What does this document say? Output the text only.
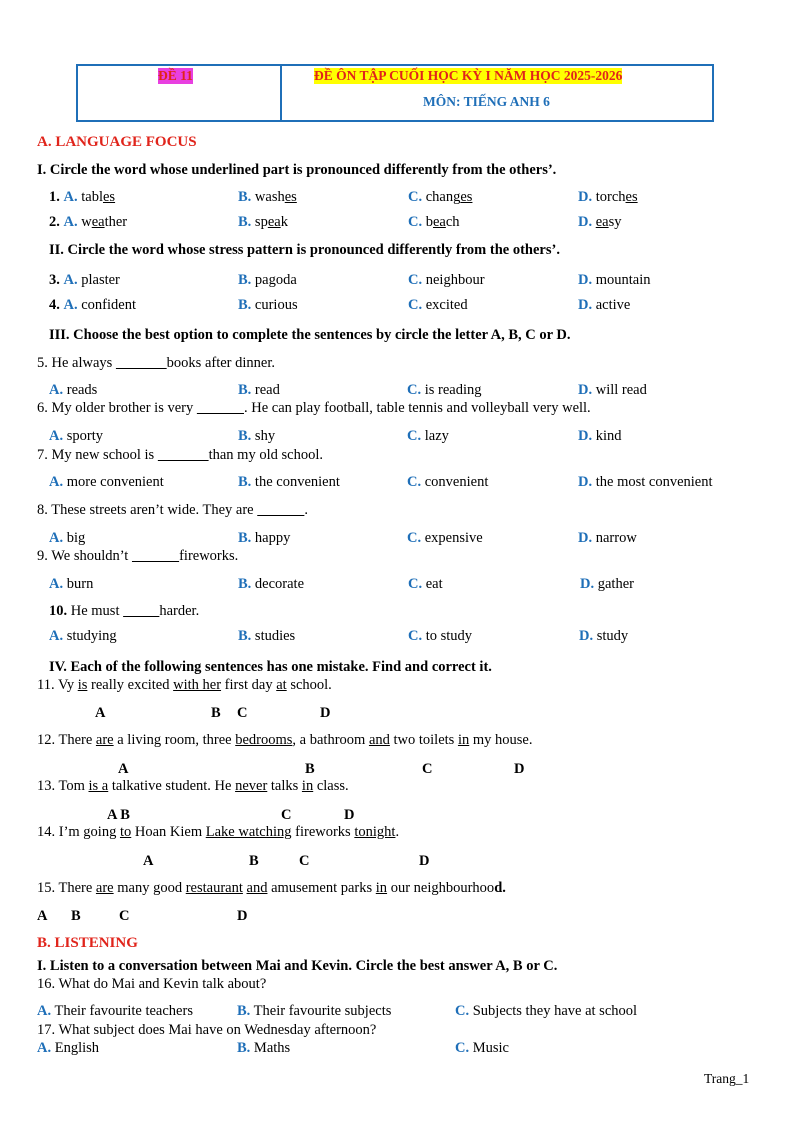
ĐỀ 11	ĐỀ ÔN TẬP CUỐI HỌC KỲ I NĂM HỌC 2025-2026
MÔN: TIẾNG ANH 6
A. LANGUAGE FOCUS
I. Circle the word whose underlined part is pronounced differently from the others’.
1. A. tables	B. washes	C. changes	D. torches
2. A. weather	B. speak	C. beach	D. easy
II. Circle the word whose stress pattern is pronounced differently from the others’.
3. A. plaster	B. pagoda	C. neighbour	D. mountain
4. A. confident	B. curious	C. excited	D. active
III. Choose the best option to complete the sentences by circle the letter A, B, C or D.
5. He always	books after dinner.
A. reads	B. read	C. is reading	D. will read
6. My older brother is very	. He can play football, table tennis and volleyball very well.
A. sporty	B. shy	C. lazy	D. kind
7. My new school is	than my old school.
A. more convenient	B. the convenient	C. convenient	D. the most convenient
8. These streets aren’t wide. They are	.
A. big	B. happy	C. expensive	D. narrow
9. We shouldn’t	fireworks.
A. burn	B. decorate	C. eat	D. gather
10. He must	harder.
A. studying	B. studies	C. to study	D. study
IV. Each of the following sentences has one mistake. Find and correct it.
11. Vy is really excited with her first day at school.
A	B C	D
12. There are a living room, three bedrooms, a bathroom and two toilets in my house.
A	B	C	D
13. Tom is a talkative student. He never talks in class.
A B	C	D
14. I’m going to Hoan Kiem Lake watching fireworks tonight.
A	B	C	D
15. There are many good restaurant and amusement parks in our neighbourhood.
A B	C	D
B. LISTENING
I. Listen to a conversation between Mai and Kevin. Circle the best answer A, B or C.
16. What do Mai and Kevin talk about?
A. Their favourite teachers	B. Their favourite subjects	C. Subjects they have at school
17. What subject does Mai have on Wednesday afternoon?
A. English	B. Maths	C. Music
Trang_1
